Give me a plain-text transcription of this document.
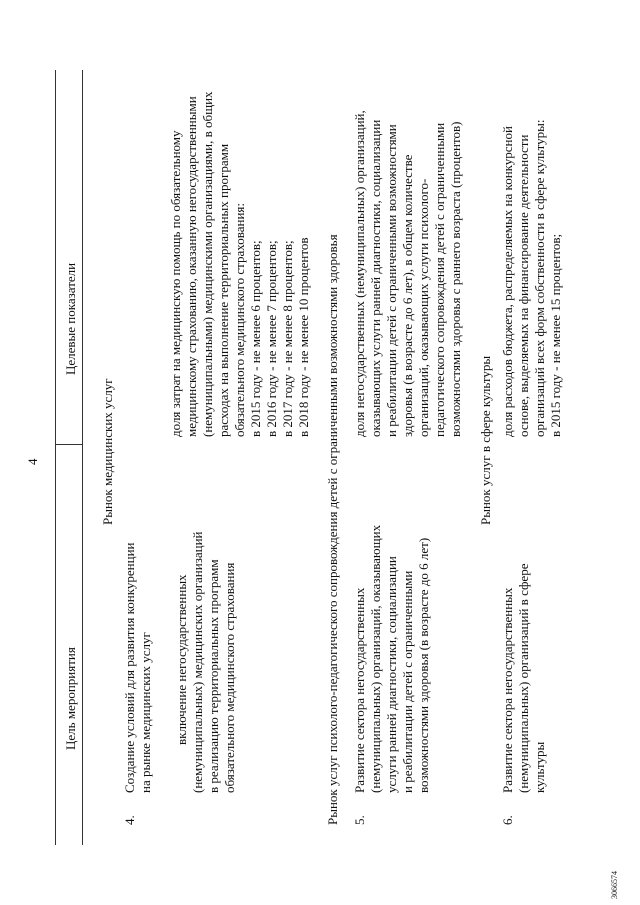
4
Цель мероприятия
Целевые показатели
Рынок медицинских услуг
4.
Создание условий для развития конкуренции на рынке медицинских услуг включение негосударственных (немуниципальных) медицинских организаций в реализацию территориальных программ обязательного медицинского страхования
доля затрат на медицинскую помощь по обязательному медицинскому страхованию, оказанную негосударственными (немуниципальными) медицинскими организациями, в общих расходах на выполнение территориальных программ обязательного медицинского страхования: в 2015 году - не менее 6 процентов; в 2016 году - не менее 7 процентов; в 2017 году - не менее 8 процентов; в 2018 году - не менее 10 процентов Рынок услуг психолого-педагогического сопровождения детей с ограниченными возможностями здоровья 5.
Развитие сектора негосударственных (немуниципальных) организаций, оказывающих услуги ранней диагностики, социализации и реабилитации детей с ограниченными возможностями здоровья (в возрасте до 6 лет)
доля негосударственных (немуниципальных) организаций, оказывающих услуги ранней диагностики, социализации и реабилитации детей с ограниченными возможностями здоровья (в возрасте до 6 лет), в общем количестве организаций, оказывающих услуги психолого- педагогического сопровождения детей с ограниченными возможностями здоровья с раннего возраста (процентов)
Рынок услуг в сфере культуры
6.
Развитие сектора негосударственных (немуниципальных) организаций в сфере культуры
доля расходов бюджета, распределяемых на конкурсной основе, выделяемых на финансирование деятельности организаций всех форм собственности в сфере культуры: в 2015 году - не менее 15 процентов;
3066574
